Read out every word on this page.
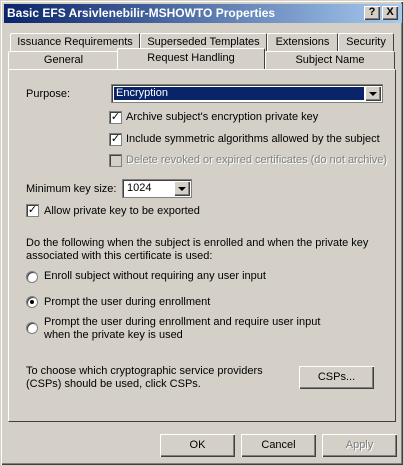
Basic EFS Arsivlenebilir-MSHOWTO Properties	? X
Issuance Requirements	Superseded Templates	Extensions	Security
General	Request Handling	Subject Name
Purpose:	Encryption
✓ Archive subject's encryption private key
✓ Include symmetric algorithms allowed by the subject
Delete revoked or expired certificates (do not archive)
Minimum key size: 1024
✓ Allow private key to be exported
Do the following when the subject is enrolled and when the private key associated with this certificate is used:
Enroll subject without requiring any user input
Prompt the user during enrollment
Prompt the user during enrollment and require user input when the private key is used
To choose which cryptographic service providers (CSPs) should be used, click CSPs.
CSPs...
OK	Cancel	Apply
